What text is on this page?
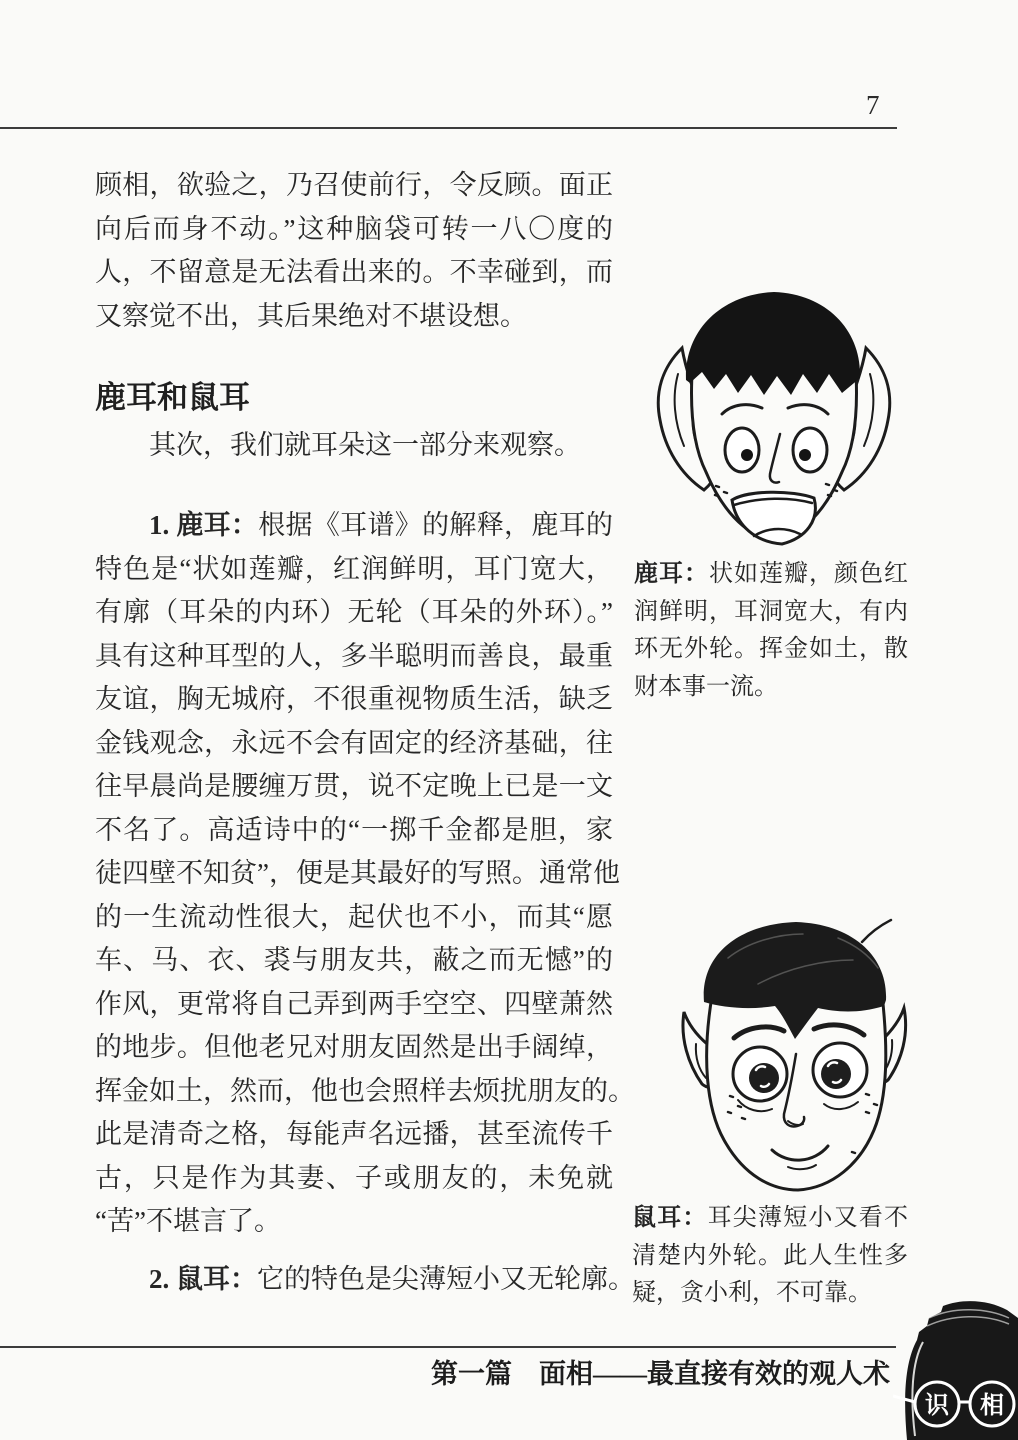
7
顾相，欲验之，乃召使前行，令反顾。面正
向后而身不动。”这种脑袋可转一八〇度的
人，不留意是无法看出来的。不幸碰到，而
又察觉不出，其后果绝对不堪设想。
鹿耳和鼠耳
其次，我们就耳朵这一部分来观察。
1. 鹿耳：根据《耳谱》的解释，鹿耳的
特色是“状如莲瓣，红润鲜明，耳门宽大，
有廓（耳朵的内环）无轮（耳朵的外环）。”
具有这种耳型的人，多半聪明而善良，最重
友谊，胸无城府，不很重视物质生活，缺乏
金钱观念，永远不会有固定的经济基础，往
往早晨尚是腰缠万贯，说不定晚上已是一文
不名了。高适诗中的“一掷千金都是胆，家
徒四壁不知贫”，便是其最好的写照。通常他
的一生流动性很大，起伏也不小，而其“愿
车、马、衣、裘与朋友共，蔽之而无憾”的
作风，更常将自己弄到两手空空、四壁萧然
的地步。但他老兄对朋友固然是出手阔绰，
挥金如土，然而，他也会照样去烦扰朋友的。
此是清奇之格，每能声名远播，甚至流传千
古，只是作为其妻、子或朋友的，未免就
“苦”不堪言了。
2. 鼠耳：它的特色是尖薄短小又无轮廓。
鹿耳：状如莲瓣，颜色红润鲜明，耳洞宽大，有内环无外轮。挥金如土，散财本事一流。
鼠耳：耳尖薄短小又看不清楚内外轮。此人生性多疑，贪小利，不可靠。
第一篇　面相——最直接有效的观人术
识 相
